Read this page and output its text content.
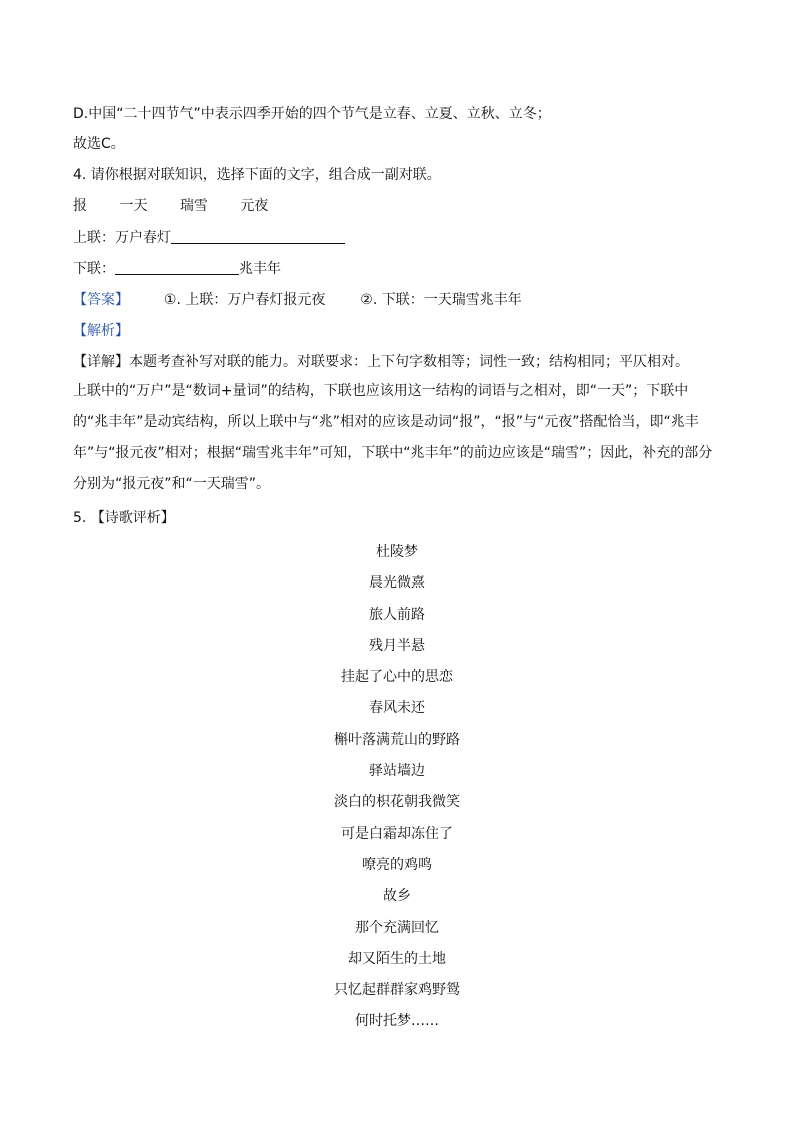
D.中国“二十四节气”中表示四季开始的四个节气是立春、立夏、立秋、立冬；
故选C。
4. 请你根据对联知识，选择下面的文字，组合成一副对联。
报 一天 瑞雪 元夜
上联：万户春灯
下联：	兆丰年
【答案】 ①. 上联：万户春灯报元夜 ②. 下联：一天瑞雪兆丰年
【解析】
【详解】本题考查补写对联的能力。对联要求：上下句字数相等；词性一致；结构相同；平仄相对。

上联中的“万户”是“数词+量词”的结构，下联也应该用这一结构的词语与之相对，即“一天”；下联中的“兆丰年”是动宾结构，所以上联中与“兆”相对的应该是动词“报”，“报”与“元夜”搭配恰当，即“兆丰年”与“报元夜”相对；根据“瑞雪兆丰年”可知，下联中“兆丰年”的前边应该是“瑞雪”；因此，补充的部分分别为“报元夜”和“一天瑞雪”。

5. 【诗歌评析】
杜陵梦
晨光微熹
旅人前路
残月半悬
挂起了心中的思恋
春风未还
槲叶落满荒山的野路
驿站墙边
淡白的枳花朝我微笑
可是白霜却冻住了
嘹亮的鸡鸣
故乡
那个充满回忆
却又陌生的土地
只忆起群群家鸡野鸳
何时托梦……
